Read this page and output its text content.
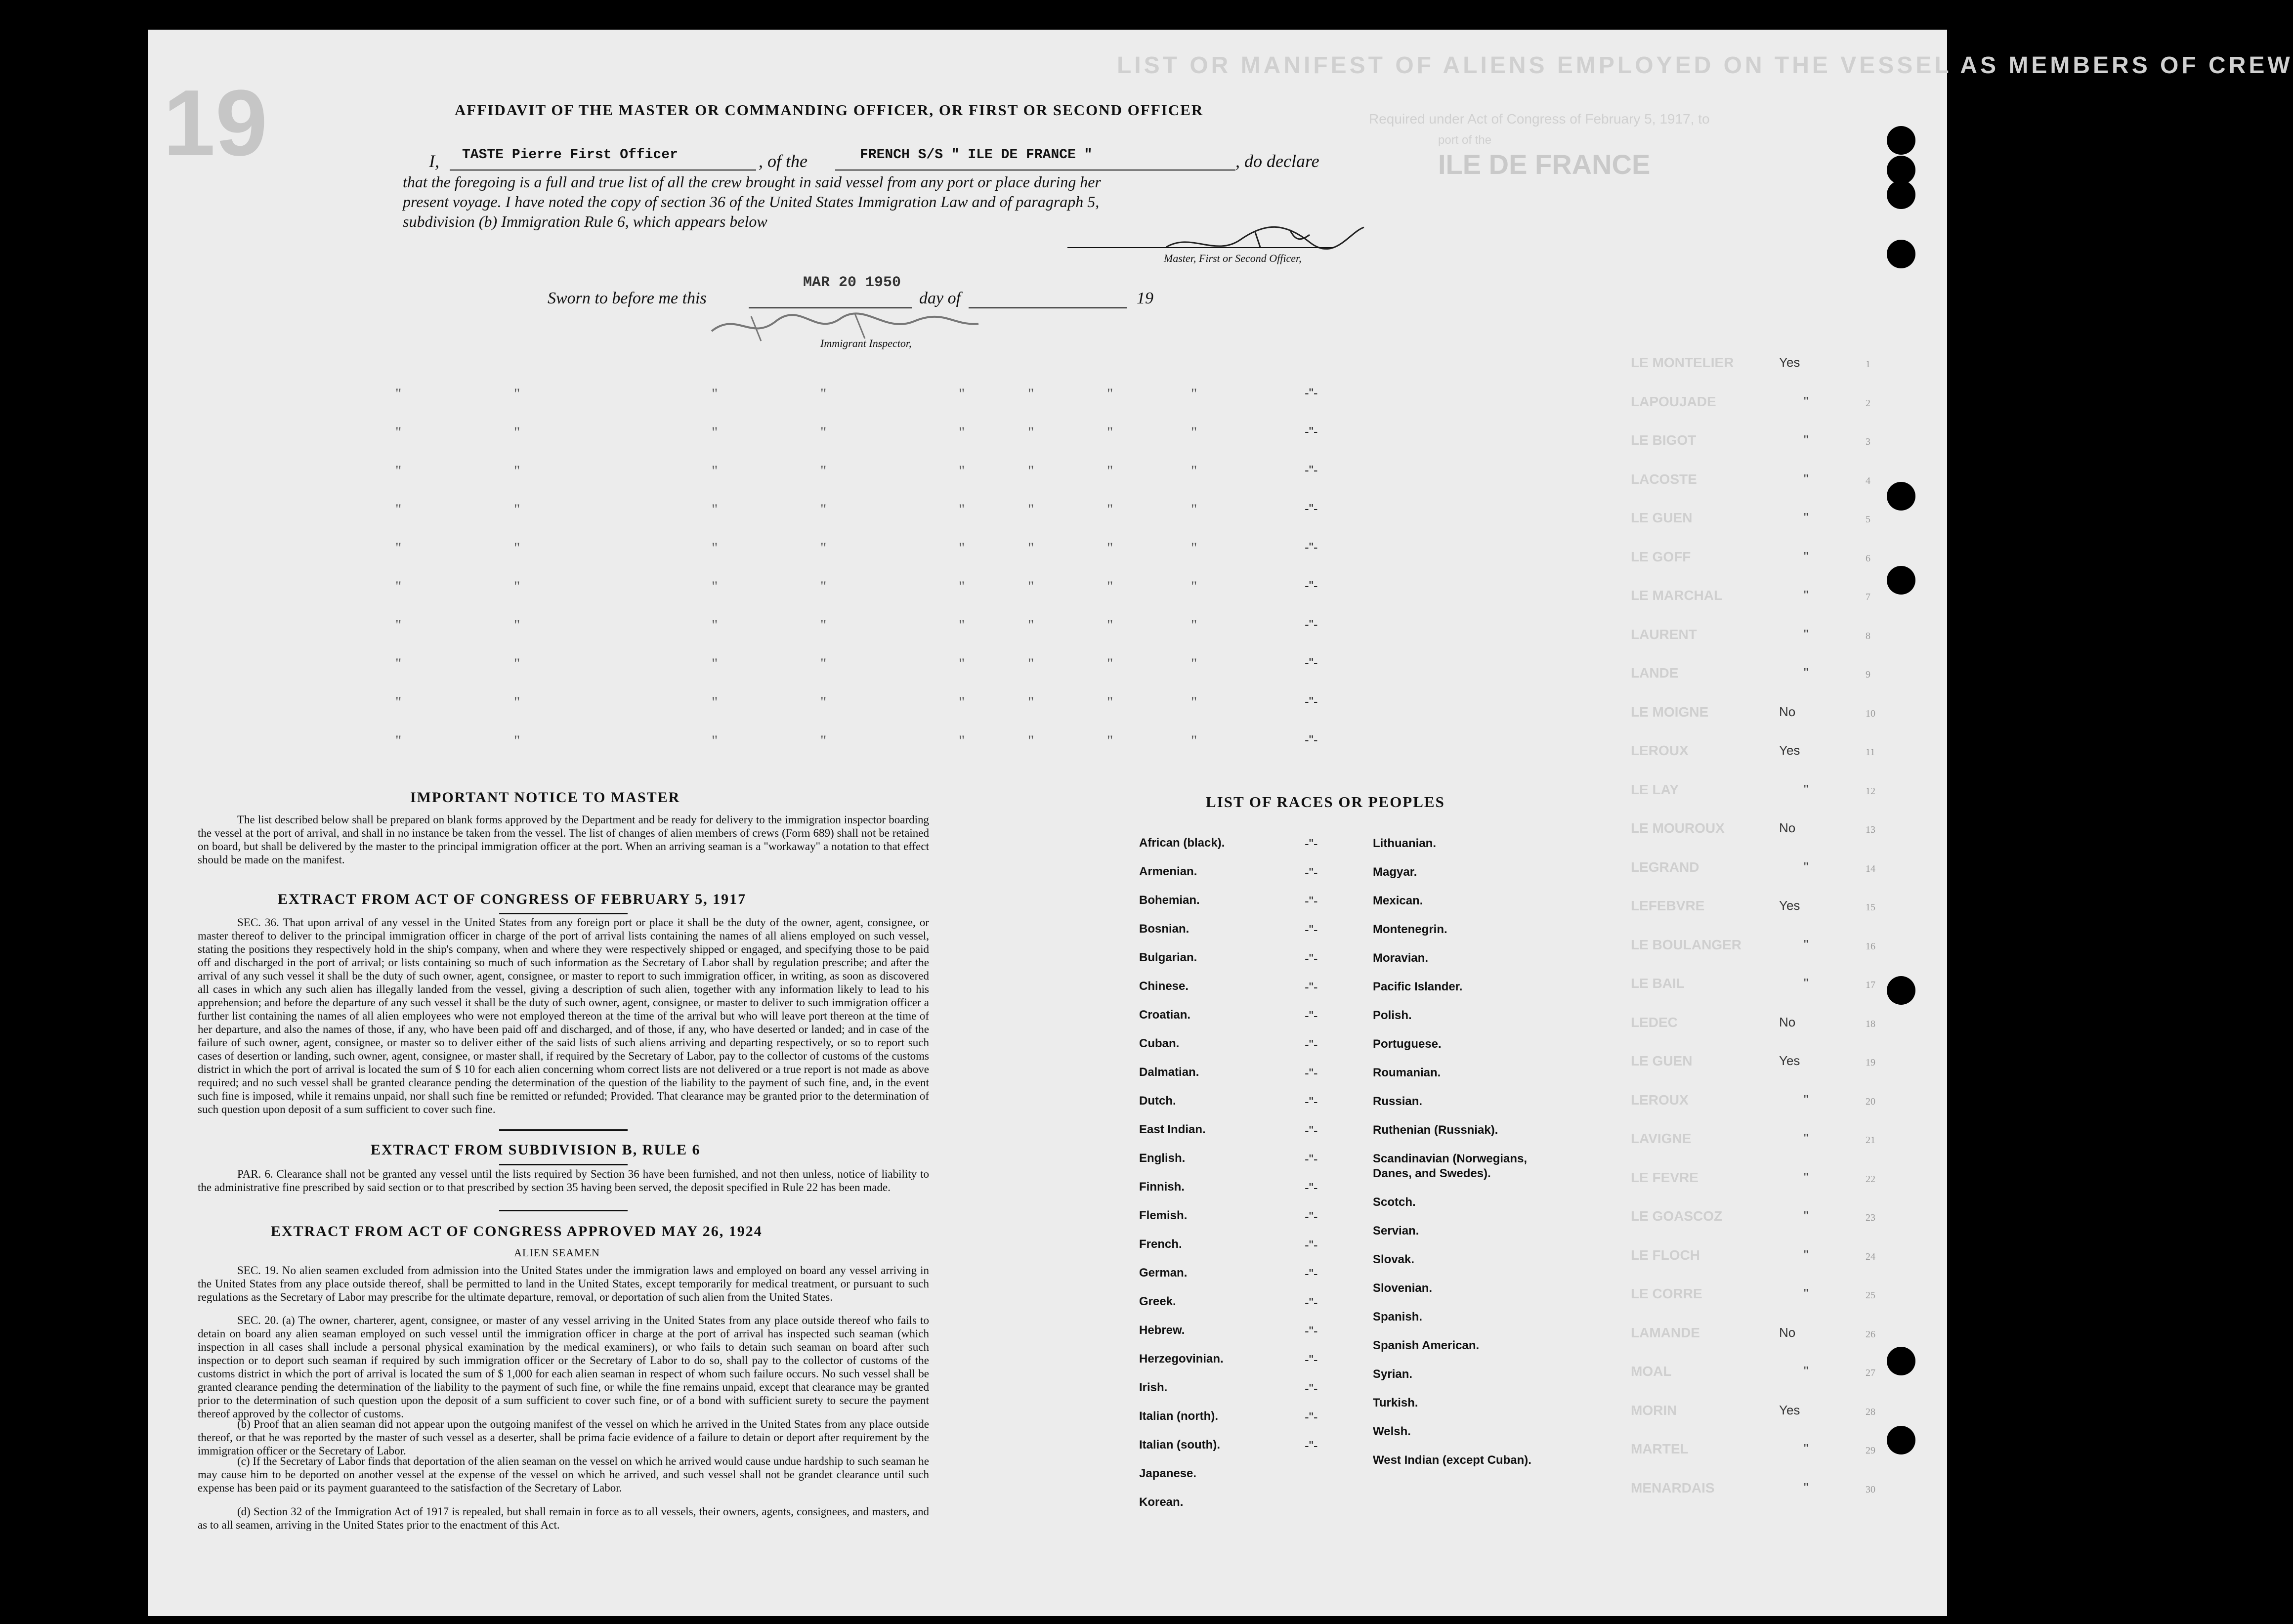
19
LIST OR MANIFEST OF ALIENS EMPLOYED ON THE VESSEL AS MEMBERS OF CREW
Required under Act of Congress of February 5, 1917, to
ILE DE FRANCE
port of the
AFFIDAVIT OF THE MASTER OR COMMANDING OFFICER, OR FIRST OR SECOND OFFICER
I, TASTE Pierre First Officer	, of the	FRENCH S/S " ILE DE FRANCE "	, do declare
that the foregoing is a full and true list of all the crew brought in said vessel from any port or place during her
present voyage. I have noted the copy of section 36 of the United States Immigration Law and of paragraph 5,
subdivision (b) Immigration Rule 6, which appears below
Master, First or Second Officer,
Sworn to before me this
MAR 20 1950
day of	19
Immigrant Inspector,
"	"	"	"	"	"	"	"	-"-
"	"	"	"	"	"	"	"	-"-
"	"	"	"	"	"	"	"	-"-
"	"	"	"	"	"	"	"	-"-
"	"	"	"	"	"	"	"	-"-
"	"	"	"	"	"	"	"	-"-
"	"	"	"	"	"	"	"	-"-
"	"	"	"	"	"	"	"	-"-
"	"	"	"	"	"	"	"	-"-
"	"	"	"	"	"	"	"	-"-
LE MONTELIER	Yes	1
LAPOUJADE	"	2
LE BIGOT	"	3
LACOSTE	"	4
LE GUEN	"	5
LE GOFF	"	6
LE MARCHAL	"	7
LAURENT	"	8
LANDE	"	9
LE MOIGNE	No	10
LEROUX	Yes	11
LE LAY	"	12
LE MOUROUX	No	13
LEGRAND	"	14
LEFEBVRE	Yes	15
LE BOULANGER	"	16
LE BAIL	"	17
LEDEC	No	18
LE GUEN	Yes	19
LEROUX	"	20
LAVIGNE	"	21
LE FEVRE	"	22
LE GOASCOZ	"	23
LE FLOCH	"	24
LE CORRE	"	25
LAMANDE	No	26
MOAL	"	27
MORIN	Yes	28
MARTEL	"	29
MENARDAIS	"	30
IMPORTANT NOTICE TO MASTER
The list described below shall be prepared on blank forms approved by the Department and be ready for delivery to the immigration inspector boarding the vessel at the port of arrival, and shall in no instance be taken from the vessel. The list of changes of alien members of crews (Form 689) shall not be retained on board, but shall be delivered by the master to the principal immigration officer at the port. When an arriving seaman is a "workaway" a notation to that effect should be made on the manifest.
EXTRACT FROM ACT OF CONGRESS OF FEBRUARY 5, 1917
SEC. 36. That upon arrival of any vessel in the United States from any foreign port or place it shall be the duty of the owner, agent, consignee, or master thereof to deliver to the principal immigration officer in charge of the port of arrival lists containing the names of all aliens employed on such vessel, stating the positions they respectively hold in the ship's company, when and where they were respectively shipped or engaged, and specifying those to be paid off and discharged in the port of arrival; or lists containing so much of such information as the Secretary of Labor shall by regulation prescribe; and after the arrival of any such vessel it shall be the duty of such owner, agent, consignee, or master to report to such immigration officer, in writing, as soon as discovered all cases in which any such alien has illegally landed from the vessel, giving a description of such alien, together with any information likely to lead to his apprehension; and before the departure of any such vessel it shall be the duty of such owner, agent, consignee, or master to deliver to such immigration officer a further list containing the names of all alien employees who were not employed thereon at the time of the arrival but who will leave port thereon at the time of her departure, and also the names of those, if any, who have been paid off and discharged, and of those, if any, who have deserted or landed; and in case of the failure of such owner, agent, consignee, or master so to deliver either of the said lists of such aliens arriving and departing respectively, or so to report such cases of desertion or landing, such owner, agent, consignee, or master shall, if required by the Secretary of Labor, pay to the collector of customs of the customs district in which the port of arrival is located the sum of $ 10 for each alien concerning whom correct lists are not delivered or a true report is not made as above required; and no such vessel shall be granted clearance pending the determination of the question of the liability to the payment of such fine, and, in the event such fine is imposed, while it remains unpaid, nor shall such fine be remitted or refunded; Provided. That clearance may be granted prior to the determination of such question upon deposit of a sum sufficient to cover such fine.
EXTRACT FROM SUBDIVISION B, RULE 6
PAR. 6. Clearance shall not be granted any vessel until the lists required by Section 36 have been furnished, and not then unless, notice of liability to the administrative fine prescribed by said section or to that prescribed by section 35 having been served, the deposit specified in Rule 22 has been made.
EXTRACT FROM ACT OF CONGRESS APPROVED MAY 26, 1924
ALIEN SEAMEN
SEC. 19. No alien seamen excluded from admission into the United States under the immigration laws and employed on board any vessel arriving in the United States from any place outside thereof, shall be permitted to land in the United States, except temporarily for medical treatment, or pursuant to such regulations as the Secretary of Labor may prescribe for the ultimate departure, removal, or deportation of such alien from the United States.
SEC. 20. (a) The owner, charterer, agent, consignee, or master of any vessel arriving in the United States from any place outside thereof who fails to detain on board any alien seaman employed on such vessel until the immigration officer in charge at the port of arrival has inspected such seaman (which inspection in all cases shall include a personal physical examination by the medical examiners), or who fails to detain such seaman on board after such inspection or to deport such seaman if required by such immigration officer or the Secretary of Labor to do so, shall pay to the collector of customs of the customs district in which the port of arrival is located the sum of $ 1,000 for each alien seaman in respect of whom such failure occurs. No such vessel shall be granted clearance pending the determination of the liability to the payment of such fine, or while the fine remains unpaid, except that clearance may be granted prior to the determination of such question upon the deposit of a sum sufficient to cover such fine, or of a bond with sufficient surety to secure the payment thereof approved by the collector of customs.
(b) Proof that an alien seaman did not appear upon the outgoing manifest of the vessel on which he arrived in the United States from any place outside thereof, or that he was reported by the master of such vessel as a deserter, shall be prima facie evidence of a failure to detain or deport after requirement by the immigration officer or the Secretary of Labor.
(c) If the Secretary of Labor finds that deportation of the alien seaman on the vessel on which he arrived would cause undue hardship to such seaman he may cause him to be deported on another vessel at the expense of the vessel on which he arrived, and such vessel shall not be grandet clearance until such expense has been paid or its payment guaranteed to the satisfaction of the Secretary of Labor.
(d) Section 32 of the Immigration Act of 1917 is repealed, but shall remain in force as to all vessels, their owners, agents, consignees, and masters, and as to all seamen, arriving in the United States prior to the enactment of this Act.
LIST OF RACES OR PEOPLES
African (black).	-"-
Armenian.	-"-
Bohemian.	-"-
Bosnian.	-"-
Bulgarian.	-"-
Chinese.	-"-
Croatian.	-"-
Cuban.	-"-
Dalmatian.	-"-
Dutch.	-"-
East Indian.	-"-
English.	-"-
Finnish.	-"-
Flemish.	-"-
French.	-"-
German.	-"-
Greek.	-"-
Hebrew.	-"-
Herzegovinian.	-"-
Irish.	-"-
Italian (north).	-"-
Italian (south).	-"-
Japanese.
Korean.
Lithuanian.
Magyar.
Mexican.
Montenegrin.
Moravian.
Pacific Islander.
Polish.
Portuguese.
Roumanian.
Russian.
Ruthenian (Russniak).
Scandinavian (Norwegians, Danes, and Swedes).
Scotch.
Servian.
Slovak.
Slovenian.
Spanish.
Spanish American.
Syrian.
Turkish.
Welsh.
West Indian (except Cuban).
